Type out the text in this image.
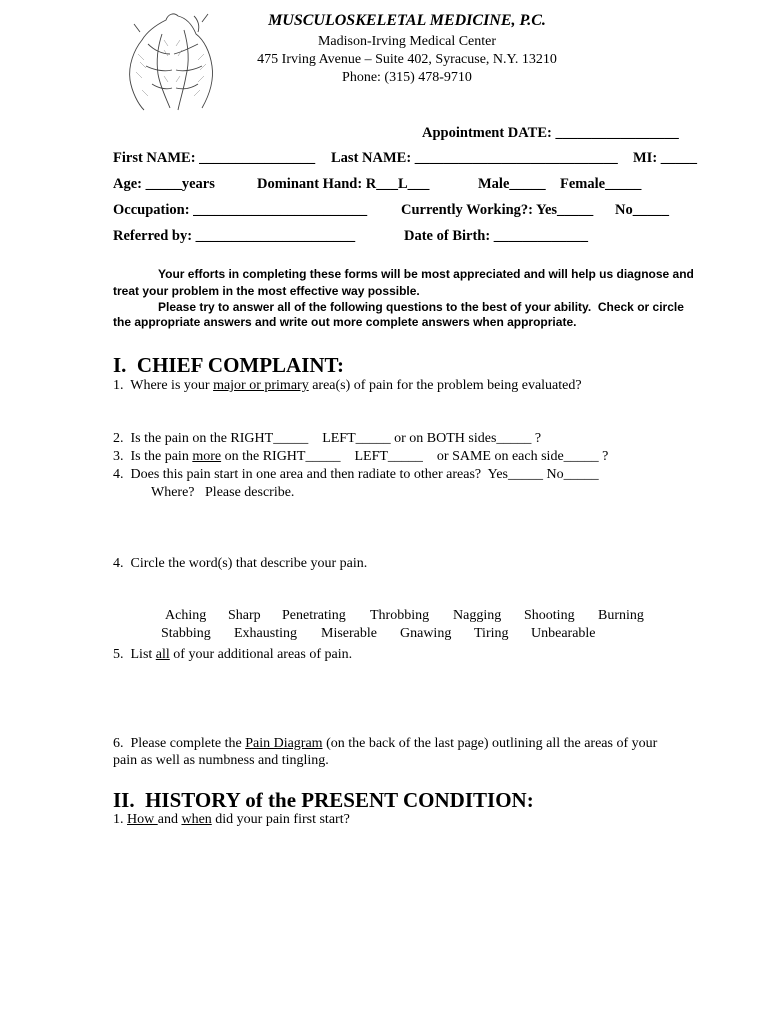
MUSCULOSKELETAL MEDICINE, P.C.
Madison-Irving Medical Center
475 Irving Avenue – Suite 402, Syracuse, N.Y. 13210
Phone: (315) 478-9710
Appointment DATE: _________________
First NAME: ________________ Last NAME: ____________________________ MI: _____
Age: _____years	Dominant Hand: R___L___	Male_____ Female_____
Occupation: ________________________ Currently Working?: Yes_____ No_____
Referred by: ______________________	Date of Birth: _____________
Your efforts in completing these forms will be most appreciated and will help us diagnose and
treat your problem in the most effective way possible.
Please try to answer all of the following questions to the best of your ability.  Check or circle
the appropriate answers and write out more complete answers when appropriate.
I.  CHIEF COMPLAINT:
1.  Where is your major or primary area(s) of pain for the problem being evaluated?
2.  Is the pain on the RIGHT_____    LEFT_____ or on BOTH sides_____ ?
3.  Is the pain more on the RIGHT_____    LEFT_____    or SAME on each side_____ ?
4.  Does this pain start in one area and then radiate to other areas?  Yes_____ No_____
Where?   Please describe.
4.  Circle the word(s) that describe your pain.

Aching Sharp Penetrating Throbbing Nagging Shooting Burning

Stabbing Exhausting Miserable Gnawing Tiring Unbearable

5.  List all of your additional areas of pain.
6.  Please complete the Pain Diagram (on the back of the last page) outlining all the areas of your
pain as well as numbness and tingling.
II.  HISTORY of the PRESENT CONDITION:
1. How and when did your pain first start?
